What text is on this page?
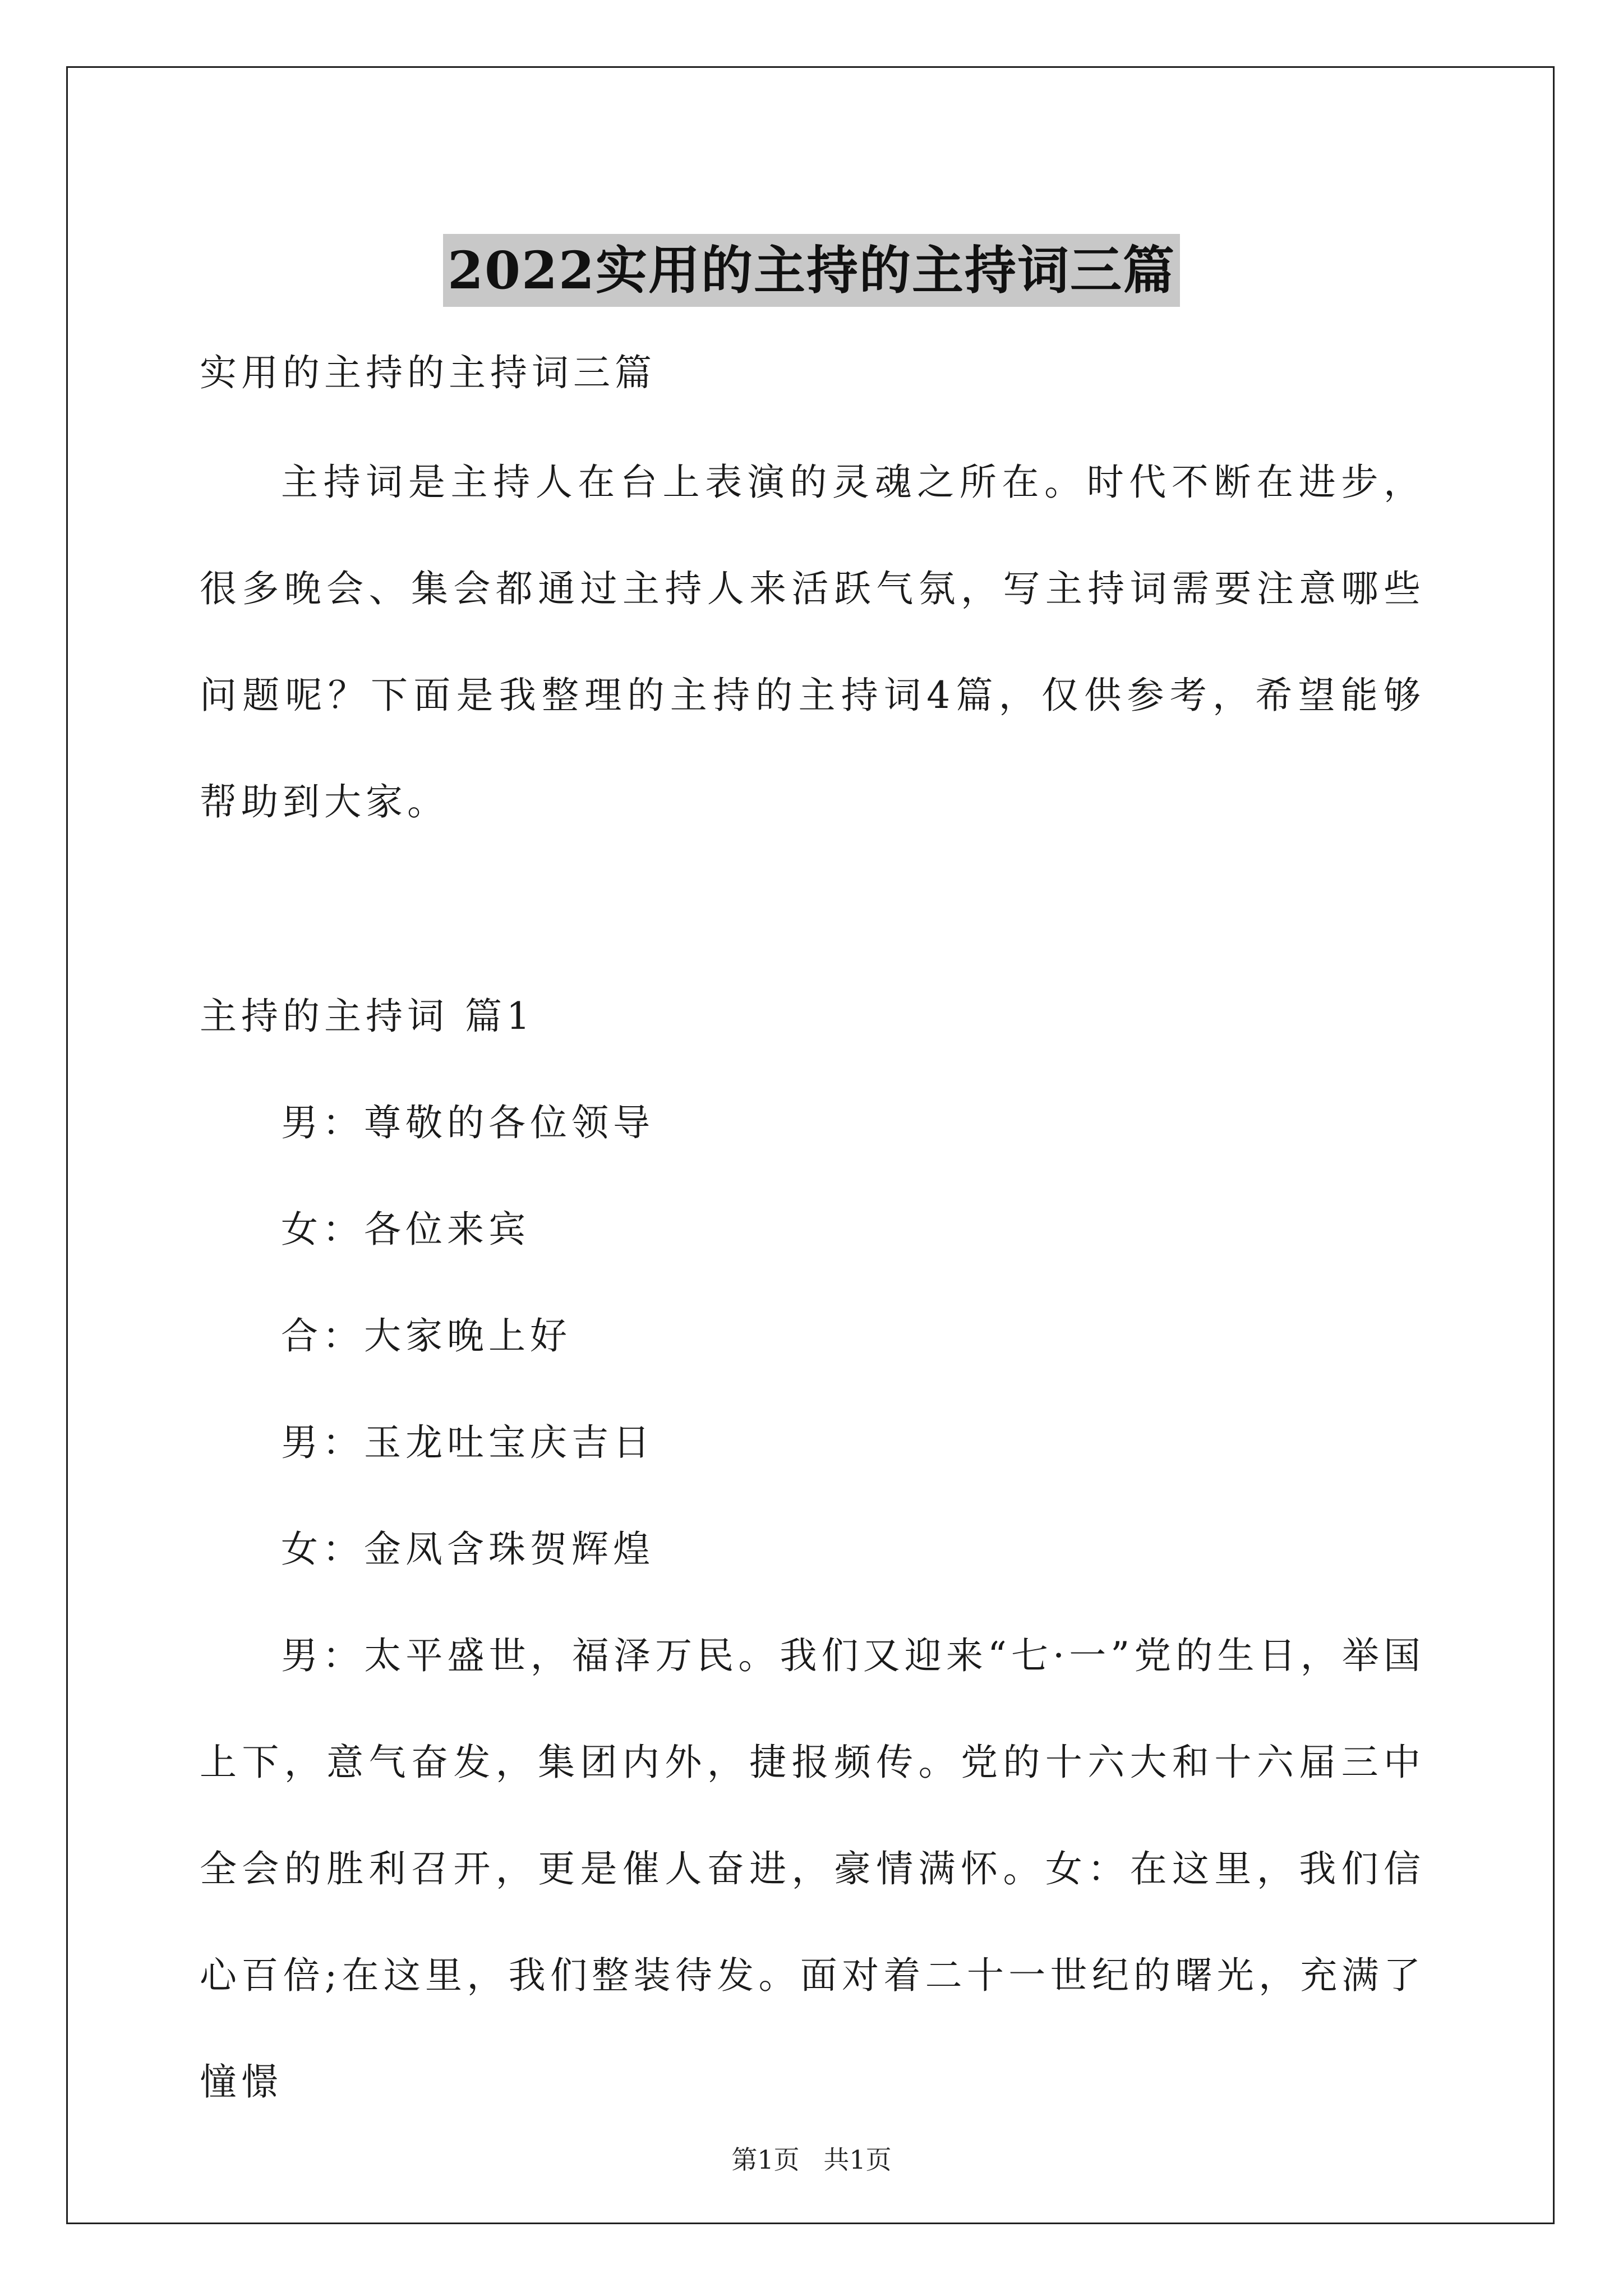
2022实用的主持的主持词三篇

实用的主持的主持词三篇

主持词是主持人在台上表演的灵魂之所在。时代不断在进步，很多晚会、集会都通过主持人来活跃气氛，写主持词需要注意哪些问题呢？下面是我整理的主持的主持词4篇，仅供参考，希望能够帮助到大家。

主持的主持词 篇1

男：尊敬的各位领导

女：各位来宾

合：大家晚上好

男：玉龙吐宝庆吉日

女：金凤含珠贺辉煌

男：太平盛世，福泽万民。我们又迎来“七·一”党的生日，举国上下，意气奋发，集团内外，捷报频传。党的十六大和十六届三中全会的胜利召开，更是催人奋进，豪情满怀。女：在这里，我们信心百倍;在这里，我们整装待发。面对着二十一世纪的曙光，充满了憧憬

第1页 共1页
